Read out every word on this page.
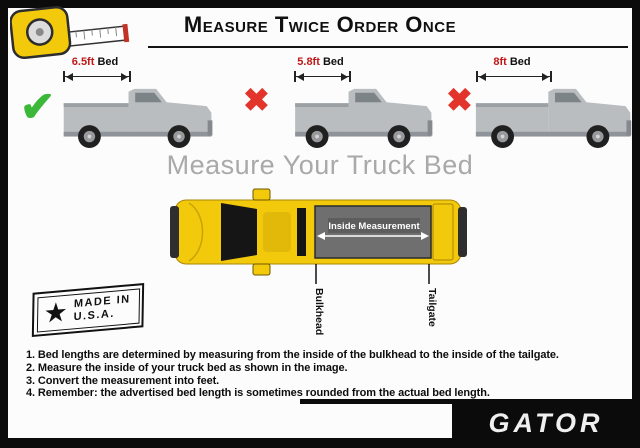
Measure Twice Order Once
✔	✖	✖
6.5ft Bed	5.8ft Bed	8ft Bed
Measure Your Truck Bed
Inside Measurement
Bulkhead	Tailgate
★ MADE IN
U.S.A.
1. Bed lengths are determined by measuring from the inside of the bulkhead to the inside of the tailgate.
2. Measure the inside of your truck bed as shown in the image.
3. Convert the measurement into feet.
4. Remember: the advertised bed length is sometimes rounded from the actual bed length.
GATOR
